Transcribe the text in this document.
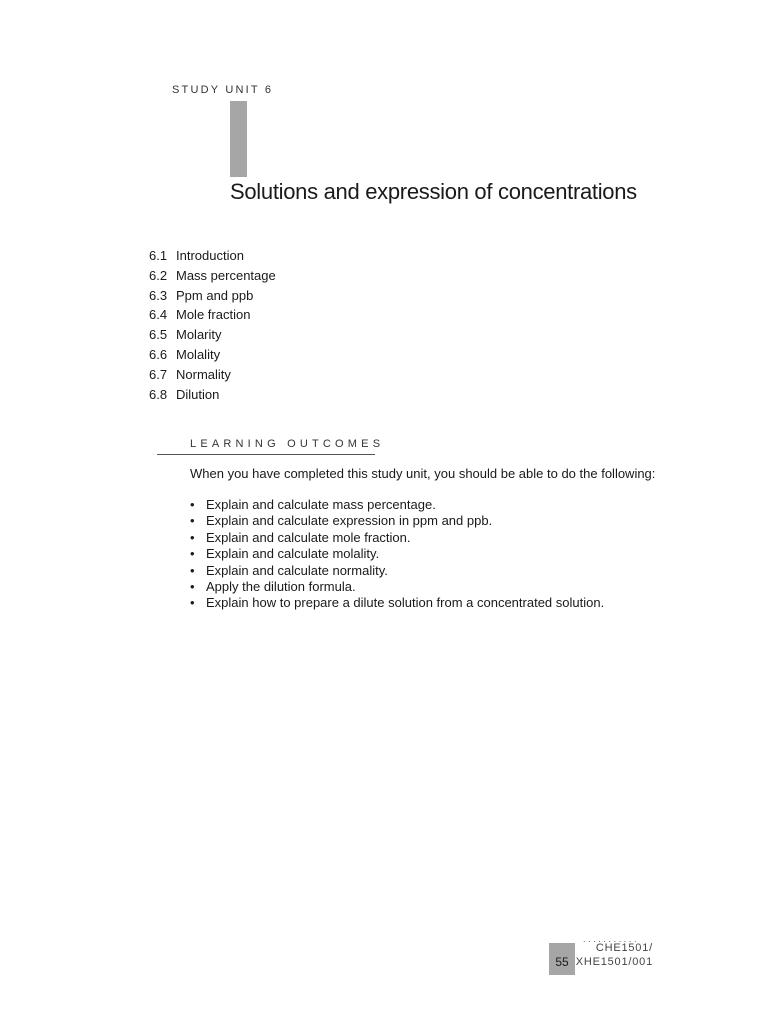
STUDY UNIT 6
Solutions and expression of concentrations
6.1 Introduction
6.2 Mass percentage
6.3 Ppm and ppb
6.4 Mole fraction
6.5 Molarity
6.6 Molality
6.7 Normality
6.8 Dilution
LEARNING OUTCOMES

When you have completed this study unit, you should be able to do the following:

• Explain and calculate mass percentage.
• Explain and calculate expression in ppm and ppb.
• Explain and calculate mole fraction.
• Explain and calculate molality.
• Explain and calculate normality.
• Apply the dilution formula.
• Explain how to prepare a dilute solution from a concentrated solution.
...........
55
CHE1501/
XHE1501/001
